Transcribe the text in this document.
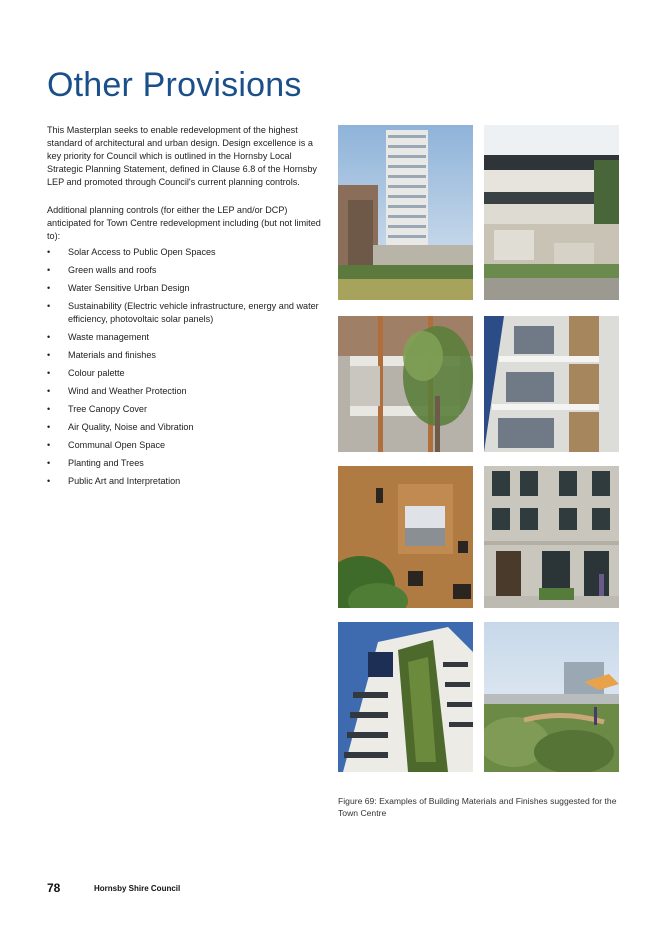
Other Provisions

This Masterplan seeks to enable redevelopment of the highest standard of architectural and urban design. Design excellence is a key priority for Council which is outlined in the Hornsby Local Strategic Planning Statement, defined in Clause 6.8 of the Hornsby LEP and promoted through Council's current planning controls.

Additional planning controls (for either the LEP and/or DCP) anticipated for Town Centre redevelopment including (but not limited to):

• Solar Access to Public Open Spaces
• Green walls and roofs
• Water Sensitive Urban Design
• Sustainability (Electric vehicle infrastructure, energy and water efficiency, photovoltaic solar panels)
• Waste management
• Materials and finishes
• Colour palette
• Wind and Weather Protection
• Tree Canopy Cover
• Air Quality, Noise and Vibration
• Communal Open Space
• Planting and Trees
• Public Art and Interpretation
Figure 69: Examples of Building Materials and Finishes suggested for the Town Centre
78	Hornsby Shire Council
